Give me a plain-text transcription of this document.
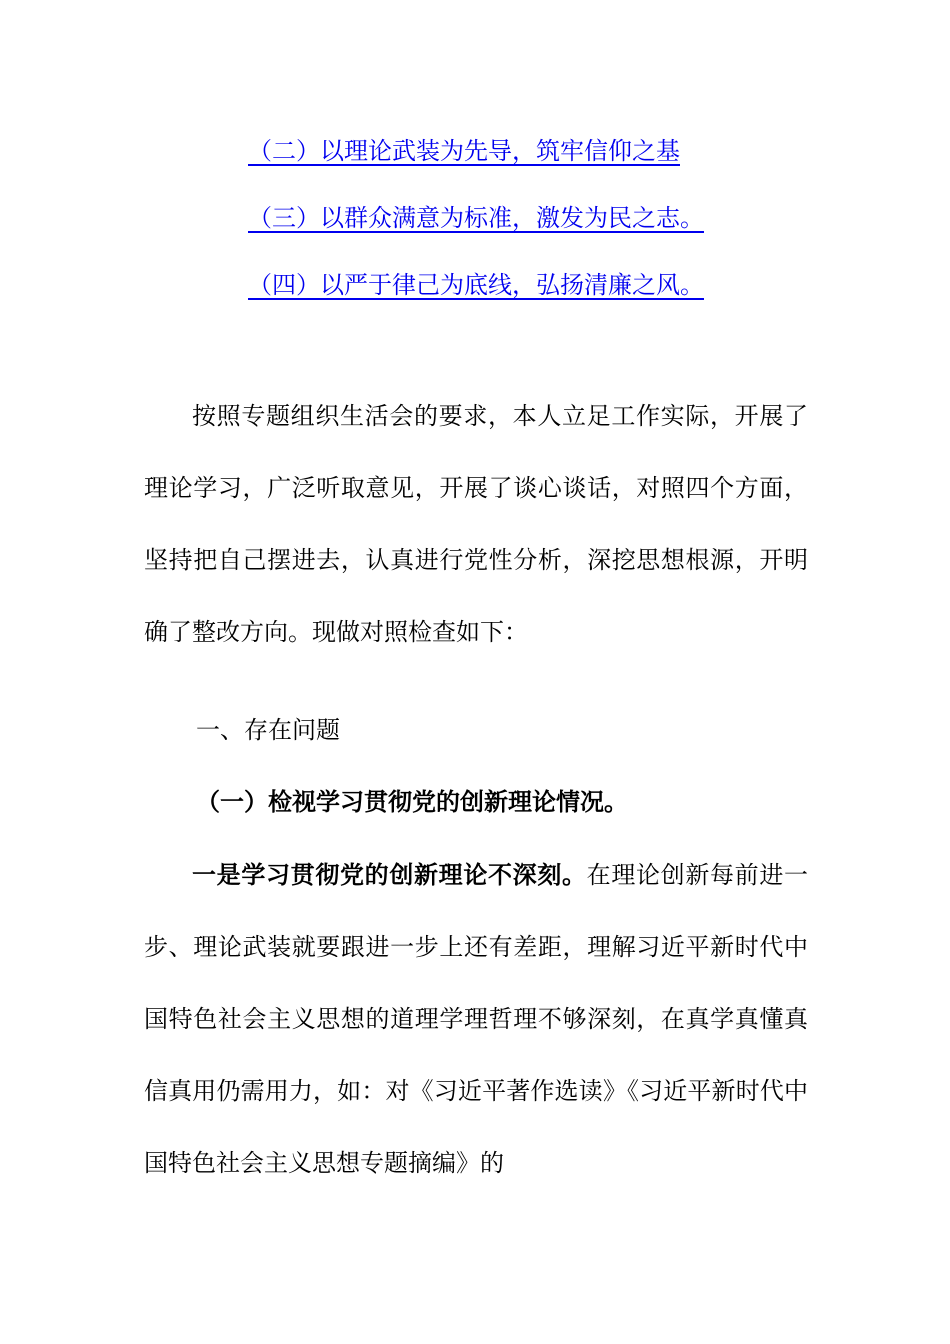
（二）以理论武装为先导，筑牢信仰之基
（三）以群众满意为标准，激发为民之志。
（四）以严于律己为底线，弘扬清廉之风。

按照专题组织生活会的要求，本人立足工作实际，开展了理论学习，广泛听取意见，开展了谈心谈话，对照四个方面，坚持把自己摆进去，认真进行党性分析，深挖思想根源，开明确了整改方向。现做对照检查如下：

一、存在问题

（一）检视学习贯彻党的创新理论情况。

一是学习贯彻党的创新理论不深刻。在理论创新每前进一步、理论武装就要跟进一步上还有差距，理解习近平新时代中国特色社会主义思想的道理学理哲理不够深刻，在真学真懂真信真用仍需用力，如：对《习近平著作选读》《习近平新时代中国特色社会主义思想专题摘编》的
